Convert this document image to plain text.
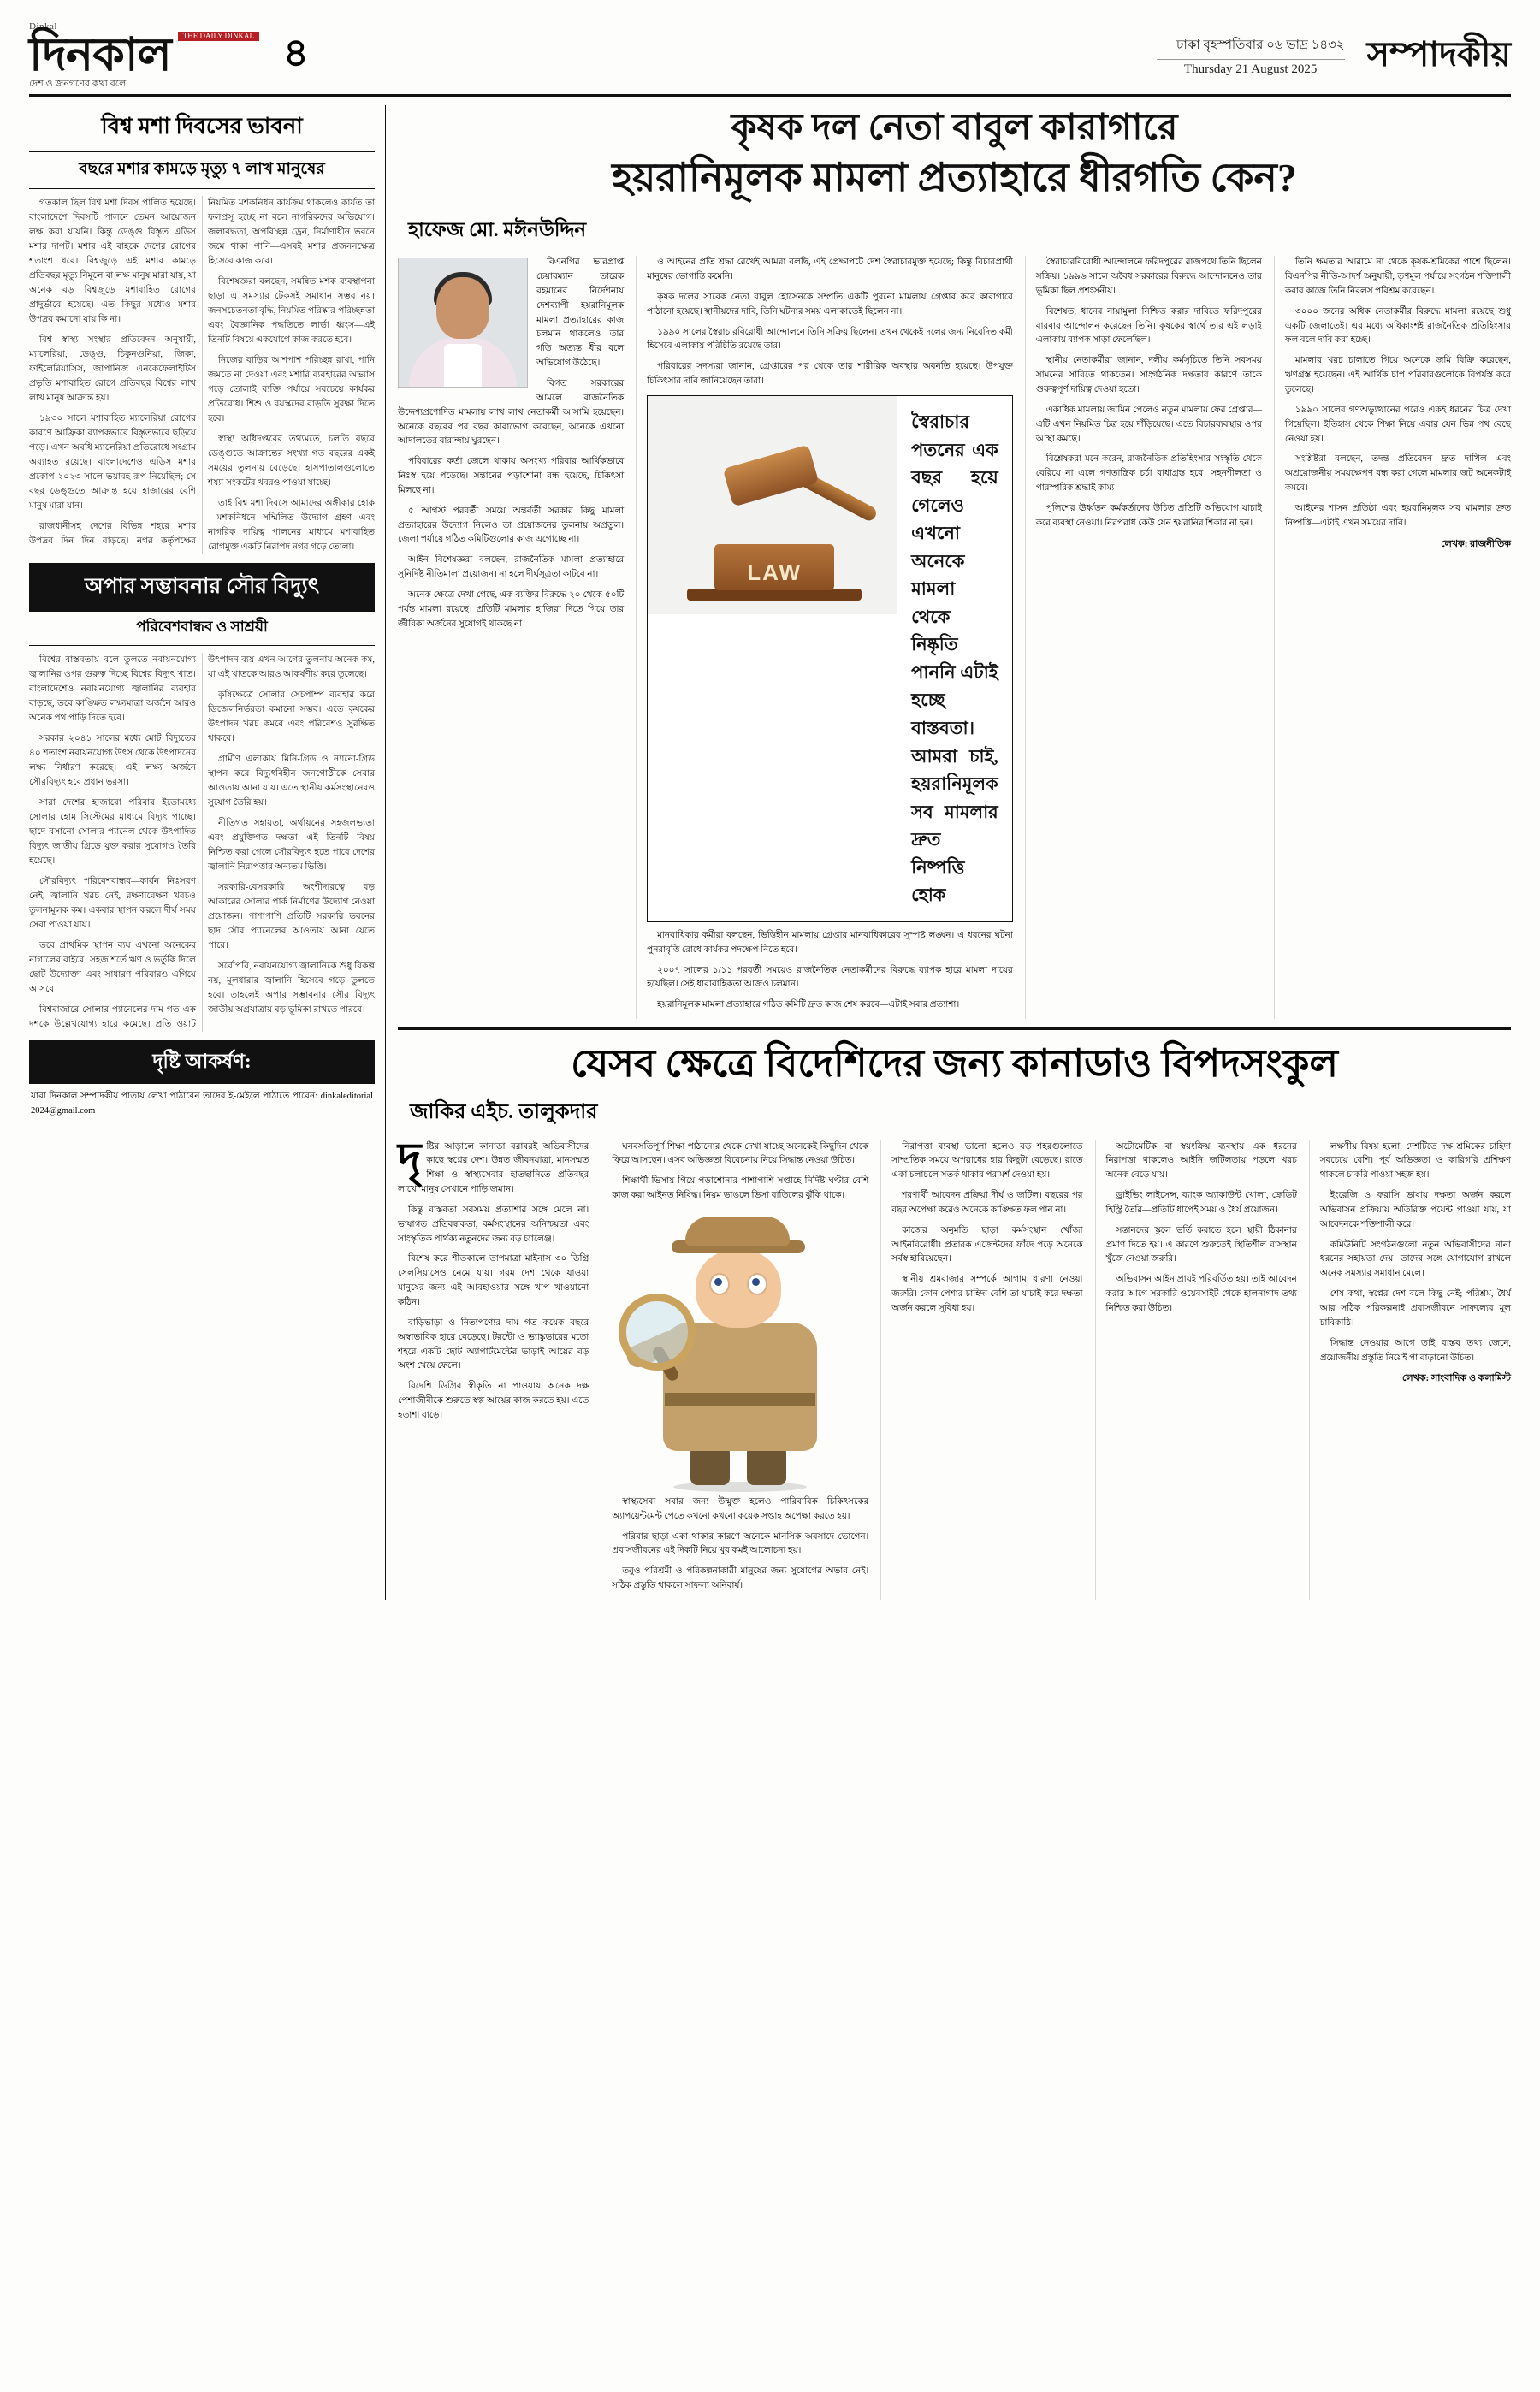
Dinkal
দিনকাল THE DAILY DINKAL
দেশ ও জনগণের কথা বলে
৪	ঢাকা বৃহস্পতিবার ০৬ ভাদ্র ১৪৩২
Thursday 21 August 2025	সম্পাদকীয়
বিশ্ব মশা দিবসের ভাবনা
বছরে মশার কামড়ে মৃত্যু ৭ লাখ মানুষের

গতকাল ছিল বিশ্ব মশা দিবস পালিত হয়েছে। বাংলাদেশে দিবসটি পালনে তেমন আয়োজন লক্ষ করা যায়নি। কিন্তু ডেঙ্গু বিস্তৃত এডিস মশার দাপট। মশার এই বাহকে দেশের রোগের শতাংশ ধরে। বিশ্বজুড়ে এই মশার কামড়ে প্রতিবছর মৃত্যু নিমূলে বা লক্ষ মানুষ মারা যায়, যা অনেক বড় বিশ্বজুড়ে মশাবাহিত রোগের প্রাদুর্ভাবে হয়েছে। এত কিছুর মধ্যেও মশার উপদ্রব কমানো যায় কি না।

বিশ্ব স্বাস্থ্য সংস্থার প্রতিবেদন অনুযায়ী, ম্যালেরিয়া, ডেঙ্গু, চিকুনগুনিয়া, জিকা, ফাইলেরিয়াসিস, জাপানিজ এনকেফেলাইটিস প্রভৃতি মশাবাহিত রোগে প্রতিবছর বিশ্বের লাখ লাখ মানুষ আক্রান্ত হয়।

১৯৩০ সালে মশাবাহিত ম্যালেরিয়া রোগের কারণে আফ্রিকা ব্যাপকভাবে বিস্তৃতভাবে ছড়িয়ে পড়ে। এখন অবধি ম্যালেরিয়া প্রতিরোধে সংগ্রাম অব্যাহত রয়েছে। বাংলাদেশেও এডিস মশার প্রকোপ ২০২৩ সালে ভয়াবহ রূপ নিয়েছিল; সে বছর ডেঙ্গুতে আক্রান্ত হয়ে হাজারের বেশি মানুষ মারা যান।

রাজধানীসহ দেশের বিভিন্ন শহরে মশার উপদ্রব দিন দিন বাড়ছে। নগর কর্তৃপক্ষের নিয়মিত মশকনিধন কার্যক্রম থাকলেও কার্যত তা ফলপ্রসূ হচ্ছে না বলে নাগরিকদের অভিযোগ। জলাবদ্ধতা, অপরিচ্ছন্ন ড্রেন, নির্মাণাধীন ভবনে জমে থাকা পানি—এসবই মশার প্রজননক্ষেত্র হিসেবে কাজ করে।

বিশেষজ্ঞরা বলছেন, সমন্বিত মশক ব্যবস্থাপনা ছাড়া এ সমস্যার টেকসই সমাধান সম্ভব নয়। জনসচেতনতা বৃদ্ধি, নিয়মিত পরিষ্কার-পরিচ্ছন্নতা এবং বৈজ্ঞানিক পদ্ধতিতে লার্ভা ধ্বংস—এই তিনটি বিষয়ে একযোগে কাজ করতে হবে।

নিজের বাড়ির আশপাশ পরিচ্ছন্ন রাখা, পানি জমতে না দেওয়া এবং মশারি ব্যবহারের অভ্যাস গড়ে তোলাই ব্যক্তি পর্যায়ে সবচেয়ে কার্যকর প্রতিরোধ। শিশু ও বয়স্কদের বাড়তি সুরক্ষা দিতে হবে।

স্বাস্থ্য অধিদপ্তরের তথ্যমতে, চলতি বছরে ডেঙ্গুতে আক্রান্তের সংখ্যা গত বছরের একই সময়ের তুলনায় বেড়েছে। হাসপাতালগুলোতে শয্যা সংকটের খবরও পাওয়া যাচ্ছে।

তাই বিশ্ব মশা দিবসে আমাদের অঙ্গীকার হোক—মশকনিধনে সম্মিলিত উদ্যোগ গ্রহণ এবং নাগরিক দায়িত্ব পালনের মাধ্যমে মশাবাহিত রোগমুক্ত একটি নিরাপদ নগর গড়ে তোলা।

অপার সম্ভাবনার সৌর বিদ্যুৎ
পরিবেশবান্ধব ও সাশ্রয়ী

বিশ্বের বাস্তবতায় বলে তুলতে নবায়নযোগ্য জ্বালানির ওপর গুরুত্ব দিচ্ছে বিশ্বের বিদ্যুৎ খাত। বাংলাদেশেও নবায়নযোগ্য জ্বালানির ব্যবহার বাড়ছে, তবে কাঙ্ক্ষিত লক্ষ্যমাত্রা অর্জনে আরও অনেক পথ পাড়ি দিতে হবে।

সরকার ২০৪১ সালের মধ্যে মোট বিদ্যুতের ৪০ শতাংশ নবায়নযোগ্য উৎস থেকে উৎপাদনের লক্ষ্য নির্ধারণ করেছে। এই লক্ষ্য অর্জনে সৌরবিদ্যুৎ হবে প্রধান ভরসা।

সারা দেশের হাজারো পরিবার ইতোমধ্যে সোলার হোম সিস্টেমের মাধ্যমে বিদ্যুৎ পাচ্ছে। ছাদে বসানো সোলার প্যানেল থেকে উৎপাদিত বিদ্যুৎ জাতীয় গ্রিডে যুক্ত করার সুযোগও তৈরি হয়েছে।

সৌরবিদ্যুৎ পরিবেশবান্ধব—কার্বন নিঃসরণ নেই, জ্বালানি খরচ নেই, রক্ষণাবেক্ষণ খরচও তুলনামূলক কম। একবার স্থাপন করলে দীর্ঘ সময় সেবা পাওয়া যায়।

তবে প্রাথমিক স্থাপন ব্যয় এখনো অনেকের নাগালের বাইরে। সহজ শর্তে ঋণ ও ভর্তুকি দিলে ছোট উদ্যোক্তা এবং সাধারণ পরিবারও এগিয়ে আসবে।

বিশ্ববাজারে সোলার প্যানেলের দাম গত এক দশকে উল্লেখযোগ্য হারে কমেছে। প্রতি ওয়াট উৎপাদন ব্যয় এখন আগের তুলনায় অনেক কম, যা এই খাতকে আরও আকর্ষণীয় করে তুলেছে।

কৃষিক্ষেত্রে সোলার সেচপাম্প ব্যবহার করে ডিজেলনির্ভরতা কমানো সম্ভব। এতে কৃষকের উৎপাদন খরচ কমবে এবং পরিবেশও সুরক্ষিত থাকবে।

গ্রামীণ এলাকায় মিনি-গ্রিড ও ন্যানো-গ্রিড স্থাপন করে বিদ্যুৎবিহীন জনগোষ্ঠীকে সেবার আওতায় আনা যায়। এতে স্থানীয় কর্মসংস্থানেরও সুযোগ তৈরি হয়।

নীতিগত সহায়তা, অর্থায়নের সহজলভ্যতা এবং প্রযুক্তিগত দক্ষতা—এই তিনটি বিষয় নিশ্চিত করা গেলে সৌরবিদ্যুৎ হতে পারে দেশের জ্বালানি নিরাপত্তার অন্যতম ভিত্তি।

সরকারি-বেসরকারি অংশীদারত্বে বড় আকারের সোলার পার্ক নির্মাণের উদ্যোগ নেওয়া প্রয়োজন। পাশাপাশি প্রতিটি সরকারি ভবনের ছাদ সৌর প্যানেলের আওতায় আনা যেতে পারে।

সর্বোপরি, নবায়নযোগ্য জ্বালানিকে শুধু বিকল্প নয়, মূলধারার জ্বালানি হিসেবে গড়ে তুলতে হবে। তাহলেই অপার সম্ভাবনার সৌর বিদ্যুৎ জাতীয় অগ্রযাত্রায় বড় ভূমিকা রাখতে পারবে।

দৃষ্টি আকর্ষণ:
যারা দিনকাল সম্পাদকীয় পাতায় লেখা পাঠাবেন তাদের ই-মেইলে পাঠাতে পারেন: dinkaleditorial 2024@gmail.com
কৃষক দল নেতা বাবুল কারাগারে
হয়রানিমূলক মামলা প্রত্যাহারে ধীরগতি কেন?
হাফেজ মো. মঈনউদ্দিন

বিএনপির ভারপ্রাপ্ত চেয়ারম্যান তারেক রহমানের নির্দেশনায় দেশব্যাপী হয়রানিমূলক মামলা প্রত্যাহারের কাজ চলমান থাকলেও তার গতি অত্যন্ত ধীর বলে অভিযোগ উঠেছে।

বিগত সরকারের আমলে রাজনৈতিক উদ্দেশ্যপ্রণোদিত মামলায় লাখ লাখ নেতাকর্মী আসামি হয়েছেন। অনেকে বছরের পর বছর কারাভোগ করেছেন, অনেকে এখনো আদালতের বারান্দায় ঘুরছেন।

পরিবারের কর্তা জেলে থাকায় অসংখ্য পরিবার আর্থিকভাবে নিঃস্ব হয়ে পড়েছে। সন্তানের পড়াশোনা বন্ধ হয়েছে, চিকিৎসা মিলছে না।

৫ আগস্ট পরবর্তী সময়ে অন্তর্বর্তী সরকার কিছু মামলা প্রত্যাহারের উদ্যোগ নিলেও তা প্রয়োজনের তুলনায় অপ্রতুল। জেলা পর্যায়ে গঠিত কমিটিগুলোর কাজ এগোচ্ছে না।

আইন বিশেষজ্ঞরা বলছেন, রাজনৈতিক মামলা প্রত্যাহারে সুনির্দিষ্ট নীতিমালা প্রয়োজন। না হলে দীর্ঘসূত্রতা কাটবে না।

অনেক ক্ষেত্রে দেখা গেছে, এক ব্যক্তির বিরুদ্ধে ২০ থেকে ৫০টি পর্যন্ত মামলা রয়েছে। প্রতিটি মামলার হাজিরা দিতে গিয়ে তার জীবিকা অর্জনের সুযোগই থাকছে না।

ও আইনের প্রতি শ্রদ্ধা রেখেই আমরা বলছি, এই প্রেক্ষাপটে দেশ স্বৈরাচারমুক্ত হয়েছে; কিন্তু বিচারপ্রার্থী মানুষের ভোগান্তি কমেনি।

কৃষক দলের সাবেক নেতা বাবুল হোসেনকে সম্প্রতি একটি পুরনো মামলায় গ্রেপ্তার করে কারাগারে পাঠানো হয়েছে। স্থানীয়দের দাবি, তিনি ঘটনার সময় এলাকাতেই ছিলেন না।

১৯৯০ সালের স্বৈরাচারবিরোধী আন্দোলনে তিনি সক্রিয় ছিলেন। তখন থেকেই দলের জন্য নিবেদিত কর্মী হিসেবে এলাকায় পরিচিতি রয়েছে তার।

পরিবারের সদস্যরা জানান, গ্রেপ্তারের পর থেকে তার শারীরিক অবস্থার অবনতি হয়েছে। উপযুক্ত চিকিৎসার দাবি জানিয়েছেন তারা।

LAW
স্বৈরাচার পতনের এক বছর হয়ে গেলেও এখনো অনেকে মামলা থেকে নিষ্কৃতি পাননি এটাই হচ্ছে বাস্তবতা। আমরা চাই, হয়রানিমূলক সব মামলার দ্রুত নিষ্পত্তি হোক

মানবাধিকার কর্মীরা বলছেন, ভিত্তিহীন মামলায় গ্রেপ্তার মানবাধিকারের সুস্পষ্ট লঙ্ঘন। এ ধরনের ঘটনা পুনরাবৃত্তি রোধে কার্যকর পদক্ষেপ নিতে হবে।

২০০৭ সালের ১/১১ পরবর্তী সময়েও রাজনৈতিক নেতাকর্মীদের বিরুদ্ধে ব্যাপক হারে মামলা দায়ের হয়েছিল। সেই ধারাবাহিকতা আজও চলমান।

হয়রানিমূলক মামলা প্রত্যাহারে গঠিত কমিটি দ্রুত কাজ শেষ করবে—এটাই সবার প্রত্যাশা।

স্বৈরাচারবিরোধী আন্দোলনে ফরিদপুরের রাজপথে তিনি ছিলেন সক্রিয়। ১৯৯৬ সালে অবৈধ সরকারের বিরুদ্ধে আন্দোলনেও তার ভূমিকা ছিল প্রশংসনীয়।

বিশেষত, ধানের নায়ামুলা নিশ্চিত করার দাবিতে ফরিদপুরের বারবার আন্দোলন করেছেন তিনি। কৃষকের স্বার্থে তার এই লড়াই এলাকায় ব্যাপক সাড়া ফেলেছিল।

স্থানীয় নেতাকর্মীরা জানান, দলীয় কর্মসূচিতে তিনি সবসময় সামনের সারিতে থাকতেন। সাংগঠনিক দক্ষতার কারণে তাকে গুরুত্বপূর্ণ দায়িত্ব দেওয়া হতো।

একাধিক মামলায় জামিন পেলেও নতুন মামলায় ফের গ্রেপ্তার—এটি এখন নিয়মিত চিত্র হয়ে দাঁড়িয়েছে। এতে বিচারব্যবস্থার ওপর আস্থা কমছে।

বিশ্লেষকরা মনে করেন, রাজনৈতিক প্রতিহিংসার সংস্কৃতি থেকে বেরিয়ে না এলে গণতান্ত্রিক চর্চা বাধাগ্রস্ত হবে। সহনশীলতা ও পারস্পরিক শ্রদ্ধাই কাম্য।

পুলিশের ঊর্ধ্বতন কর্মকর্তাদের উচিত প্রতিটি অভিযোগ যাচাই করে ব্যবস্থা নেওয়া। নিরপরাধ কেউ যেন হয়রানির শিকার না হন।

তিনি ক্ষমতার আরামে না থেকে কৃষক-শ্রমিকের পাশে ছিলেন। বিএনপির নীতি-আদর্শ অনুযায়ী, তৃণমূল পর্যায়ে সংগঠন শক্তিশালী করার কাজে তিনি নিরলস পরিশ্রম করেছেন।

৩০০০ জনের অধিক নেতাকর্মীর বিরুদ্ধে মামলা রয়েছে শুধু একটি জেলাতেই। এর মধ্যে অধিকাংশই রাজনৈতিক প্রতিহিংসার ফল বলে দাবি করা হচ্ছে।

মামলার খরচ চালাতে গিয়ে অনেকে জমি বিক্রি করেছেন, ঋণগ্রস্ত হয়েছেন। এই আর্থিক চাপ পরিবারগুলোকে বিপর্যস্ত করে তুলেছে।

১৯৯০ সালের গণঅভ্যুত্থানের পরেও একই ধরনের চিত্র দেখা গিয়েছিল। ইতিহাস থেকে শিক্ষা নিয়ে এবার যেন ভিন্ন পথ বেছে নেওয়া হয়।

সংশ্লিষ্টরা বলছেন, তদন্ত প্রতিবেদন দ্রুত দাখিল এবং অপ্রয়োজনীয় সময়ক্ষেপণ বন্ধ করা গেলে মামলার জট অনেকটাই কমবে।

আইনের শাসন প্রতিষ্ঠা এবং হয়রানিমূলক সব মামলার দ্রুত নিষ্পত্তি—এটাই এখন সময়ের দাবি।

লেখক: রাজনীতিক
যেসব ক্ষেত্রে বিদেশিদের জন্য কানাডাও বিপদসংকুল
জাকির এইচ. তালুকদার
দৃ ষ্টির আড়ালে কানাডা বরাবরই অভিবাসীদের কাছে স্বপ্নের দেশ। উন্নত জীবনযাত্রা, মানসম্মত শিক্ষা ও স্বাস্থ্যসেবার হাতছানিতে প্রতিবছর লাখো মানুষ সেখানে পাড়ি জমান।

কিন্তু বাস্তবতা সবসময় প্রত্যাশার সঙ্গে মেলে না। ভাষাগত প্রতিবন্ধকতা, কর্মসংস্থানের অনিশ্চয়তা এবং সাংস্কৃতিক পার্থক্য নতুনদের জন্য বড় চ্যালেঞ্জ।

বিশেষ করে শীতকালে তাপমাত্রা মাইনাস ৩০ ডিগ্রি সেলসিয়াসেও নেমে যায়। গরম দেশ থেকে যাওয়া মানুষের জন্য এই আবহাওয়ার সঙ্গে খাপ খাওয়ানো কঠিন।

বাড়িভাড়া ও নিত্যপণ্যের দাম গত কয়েক বছরে অস্বাভাবিক হারে বেড়েছে। টরন্টো ও ভ্যাঙ্কুভারের মতো শহরে একটি ছোট অ্যাপার্টমেন্টের ভাড়াই আয়ের বড় অংশ খেয়ে ফেলে।

বিদেশি ডিগ্রির স্বীকৃতি না পাওয়ায় অনেক দক্ষ পেশাজীবীকে শুরুতে স্বল্প আয়ের কাজ করতে হয়। এতে হতাশা বাড়ে।

ঘনবসতিপূর্ণ শিক্ষা পাঠানোর থেকে দেখা যাচ্ছে অনেকেই কিছুদিন থেকে ফিরে আসছেন। এসব অভিজ্ঞতা বিবেচনায় নিয়ে সিদ্ধান্ত নেওয়া উচিত।

শিক্ষার্থী ভিসায় গিয়ে পড়াশোনার পাশাপাশি সপ্তাহে নির্দিষ্ট ঘণ্টার বেশি কাজ করা আইনত নিষিদ্ধ। নিয়ম ভাঙলে ভিসা বাতিলের ঝুঁকি থাকে।

স্বাস্থ্যসেবা সবার জন্য উন্মুক্ত হলেও পারিবারিক চিকিৎসকের অ্যাপয়েন্টমেন্ট পেতে কখনো কখনো কয়েক সপ্তাহ অপেক্ষা করতে হয়।

পরিবার ছাড়া একা থাকার কারণে অনেকে মানসিক অবসাদে ভোগেন। প্রবাসজীবনের এই দিকটি নিয়ে খুব কমই আলোচনা হয়।

তবুও পরিশ্রমী ও পরিকল্পনাকারী মানুষের জন্য সুযোগের অভাব নেই। সঠিক প্রস্তুতি থাকলে সাফল্য অনিবার্য।

নিরাপত্তা ব্যবস্থা ভালো হলেও বড় শহরগুলোতে সাম্প্রতিক সময়ে অপরাধের হার কিছুটা বেড়েছে। রাতে একা চলাচলে সতর্ক থাকার পরামর্শ দেওয়া হয়।

শরণার্থী আবেদন প্রক্রিয়া দীর্ঘ ও জটিল। বছরের পর বছর অপেক্ষা করেও অনেকে কাঙ্ক্ষিত ফল পান না।

কাজের অনুমতি ছাড়া কর্মসংস্থান খোঁজা আইনবিরোধী। প্রতারক এজেন্টদের ফাঁদে পড়ে অনেকে সর্বস্ব হারিয়েছেন।

স্থানীয় শ্রমবাজার সম্পর্কে আগাম ধারণা নেওয়া জরুরি। কোন পেশার চাহিদা বেশি তা যাচাই করে দক্ষতা অর্জন করলে সুবিধা হয়।

অটোমেটিক বা স্বয়ংক্রিয় ব্যবস্থায় এক ধরনের নিরাপত্তা থাকলেও আইনি জটিলতায় পড়লে খরচ অনেক বেড়ে যায়।

ড্রাইভিং লাইসেন্স, ব্যাংক অ্যাকাউন্ট খোলা, ক্রেডিট হিস্ট্রি তৈরি—প্রতিটি ধাপেই সময় ও ধৈর্য প্রয়োজন।

সন্তানদের স্কুলে ভর্তি করাতে হলে স্থায়ী ঠিকানার প্রমাণ দিতে হয়। এ কারণে শুরুতেই স্থিতিশীল বাসস্থান খুঁজে নেওয়া জরুরি।

অভিবাসন আইন প্রায়ই পরিবর্তিত হয়। তাই আবেদন করার আগে সরকারি ওয়েবসাইট থেকে হালনাগাদ তথ্য নিশ্চিত করা উচিত।

লক্ষণীয় বিষয় হলো, দেশটিতে দক্ষ শ্রমিকের চাহিদা সবচেয়ে বেশি। পূর্ব অভিজ্ঞতা ও কারিগরি প্রশিক্ষণ থাকলে চাকরি পাওয়া সহজ হয়।

ইংরেজি ও ফরাসি ভাষায় দক্ষতা অর্জন করলে অভিবাসন প্রক্রিয়ায় অতিরিক্ত পয়েন্ট পাওয়া যায়, যা আবেদনকে শক্তিশালী করে।

কমিউনিটি সংগঠনগুলো নতুন অভিবাসীদের নানা ধরনের সহায়তা দেয়। তাদের সঙ্গে যোগাযোগ রাখলে অনেক সমস্যার সমাধান মেলে।

শেষ কথা, স্বপ্নের দেশ বলে কিছু নেই; পরিশ্রম, ধৈর্য আর সঠিক পরিকল্পনাই প্রবাসজীবনে সাফল্যের মূল চাবিকাঠি।

সিদ্ধান্ত নেওয়ার আগে তাই বাস্তব তথ্য জেনে, প্রয়োজনীয় প্রস্তুতি নিয়েই পা বাড়ানো উচিত।

লেখক: সাংবাদিক ও কলামিস্ট
